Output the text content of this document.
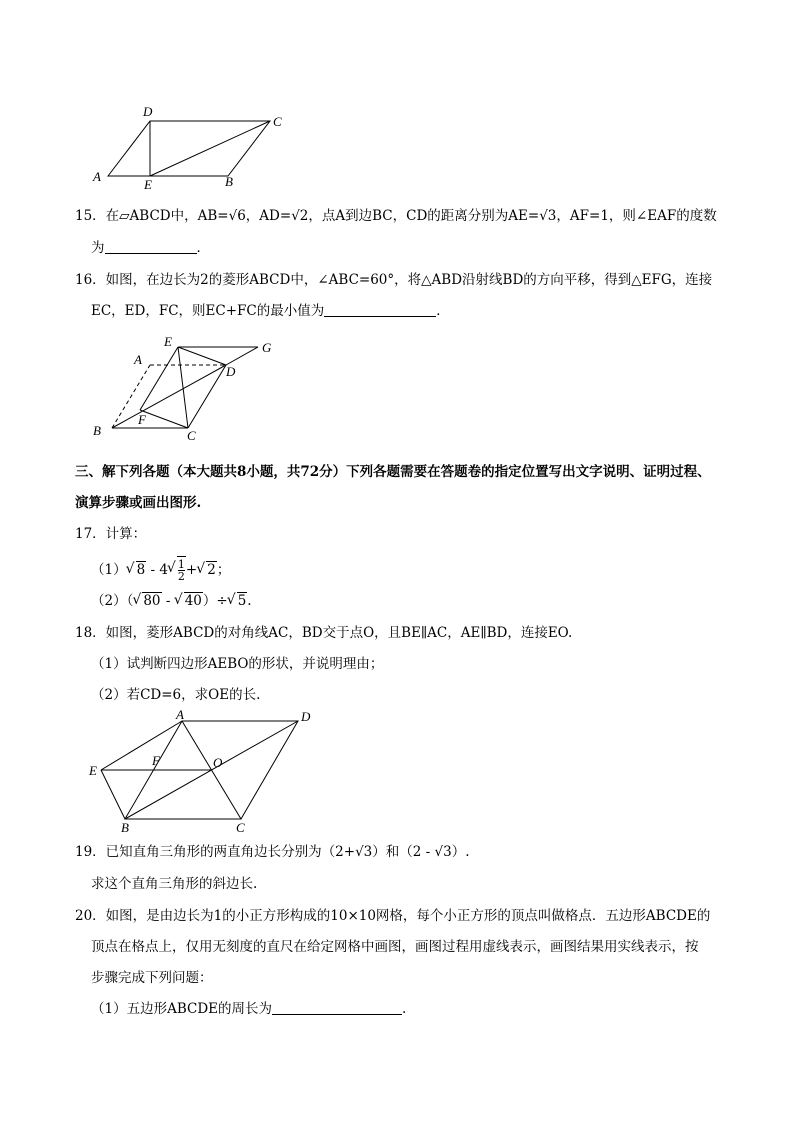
A
D
C
E	B
15．在▱ABCD中，AB=√6，AD=√2，点A到边BC，CD的距离分别为AE=√3，AF=1，则∠EAF的度数
为	．
16．如图，在边长为2的菱形ABCD中，∠ABC=60°，将△ABD沿射线BD的方向平移，得到△EFG，连接
EC，ED，FC，则EC+FC的最小值为	．
A
E	G
D
F
B	C
三、解下列各题（本大题共8小题，共72分）下列各题需要在答题卷的指定位置写出文字说明、证明过程、
演算步骤或画出图形.
17．计算：
（1） √ 8 - 4 √ $\frac{1}{2}$ + √ 2；
（2）（ √ 80 - √ 40）÷ √ 5.
18．如图，菱形ABCD的对角线AC，BD交于点O，且BE∥AC，AE∥BD，连接EO.
（1）试判断四边形AEBO的形状，并说明理由；
（2）若CD=6，求OE的长.
A	D
E
F	O
B	C
19．已知直角三角形的两直角边长分别为（2+√3）和（2 - √3）.
求这个直角三角形的斜边长.
20．如图，是由边长为1的小正方形构成的10×10网格，每个小正方形的顶点叫做格点．五边形ABCDE的
顶点在格点上，仅用无刻度的直尺在给定网格中画图，画图过程用虚线表示，画图结果用实线表示，按
步骤完成下列问题：
（1）五边形ABCDE的周长为	.
